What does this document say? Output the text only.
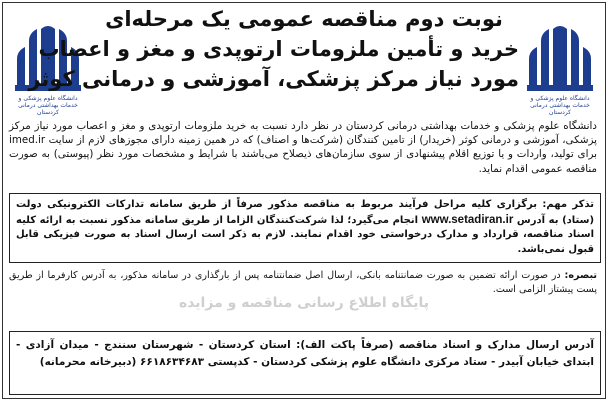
دانشگاه علوم پزشکی و خدمات بهداشتی درمانی کردستان
دانشگاه علوم پزشکی و خدمات بهداشتی درمانی کردستان
نوبت دوم مناقصه عمومی یک مرحله‌ای
خرید و تأمین ملزومات ارتوپدی و مغز و اعصاب
مورد نیاز مرکز پزشکی، آموزشی و درمانی کوثر
دانشگاه علوم پزشکی و خدمات بهداشتی درمانی کردستان در نظر دارد نسبت به خرید ملزومات ارتوپدی و مغز و اعصاب مورد نیاز مرکز پزشکی، آموزشی و درمانی کوثر (خریدار) از تامین کنندگان (شرکت‌ها و اصناف) که در همین زمینه دارای مجوزهای لازم از سایت imed.ir برای تولید، واردات و یا توزیع اقلام پیشنهادی از سوی سازمان‌های ذیصلاح می‌باشند با شرایط و مشخصات مورد نظر (پیوستی) به صورت مناقصه عمومی اقدام نماید.
تذکر مهم: برگزاری کلیه مراحل فرآیند مربوط به مناقصه مذکور صرفاً از طریق سامانه تدارکات الکترونیکی دولت (ستاد) به آدرس www.setadiran.ir انجام می‌گیرد؛ لذا شرکت‌کنندگان الزاما از طریق سامانه مذکور نسبت به ارائه کلیه اسناد مناقصه، قرارداد و مدارک درخواستی خود اقدام نمایند. لازم به ذکر است ارسال اسناد به صورت فیزیکی قابل قبول نمی‌باشد.
تبصره: در صورت ارائه تضمین به صورت ضمانتنامه بانکی، ارسال اصل ضمانتنامه پس از بارگذاری در سامانه مذکور، به آدرس کارفرما از طریق پست پیشتاز الزامی است.
پایگاه اطلاع رسانی مناقصه و مزایده
آدرس ارسال مدارک و اسناد مناقصه (صرفاً پاکت الف): استان کردستان - شهرستان سنندج - میدان آزادی - ابتدای خیابان آبیدر - ستاد مرکزی دانشگاه علوم پزشکی کردستان - کدپستی ۶۶۱۸۶۳۴۶۸۳ (دبیرخانه محرمانه)
